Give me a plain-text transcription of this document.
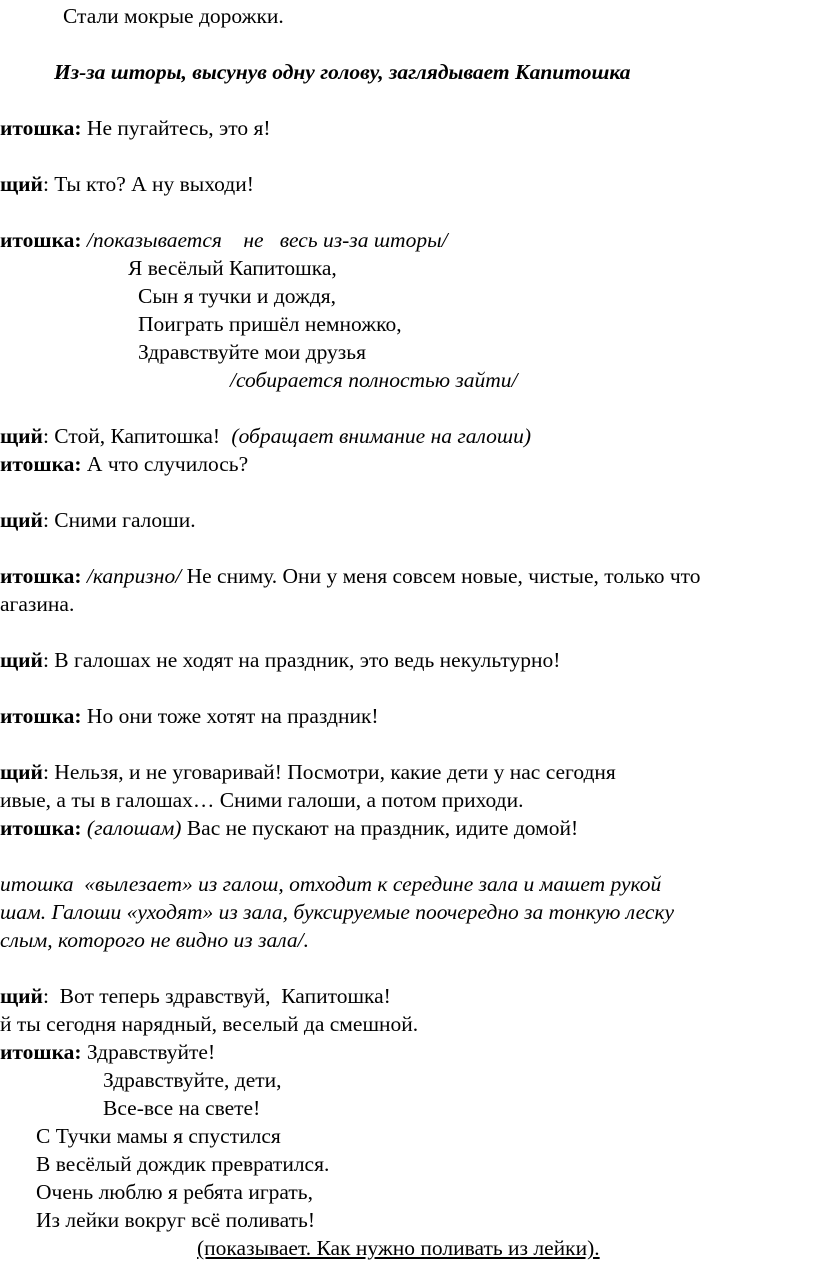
Стали мокрые дорожки.
Из-за шторы, высунув одну голову, заглядывает Капитошка
итошка: Не пугайтесь, это я!
щий: Ты кто? А ну выходи!
итошка: /показывается    не   весь из-за шторы/
Я весёлый Капитошка,
Сын я тучки и дождя,
Поиграть пришёл немножко,
Здравствуйте мои друзья
/собирается полностью зайти/
щий: Стой, Капитошка! (обращает внимание на галоши)
итошка: А что случилось?
щий: Сними галоши.
итошка: /капризно/ Не сниму. Они у меня совсем новые, чистые, только что
агазина.
щий: В галошах не ходят на праздник, это ведь некультурно!
итошка: Но они тоже хотят на праздник!
щий: Нельзя, и не уговаривай! Посмотри, какие дети у нас сегодня
ивые, а ты в галошах… Сними галоши, а потом приходи.
итошка: (галошам) Вас не пускают на праздник, идите домой!
итошка  «вылезает» из галош, отходит к середине зала и машет рукой
шам. Галоши «уходят» из зала, буксируемые поочередно за тонкую леску
слым, которого не видно из зала/.
щий:  Вот теперь здравствуй,  Капитошка!
й ты сегодня нарядный, веселый да смешной.
итошка: Здравствуйте!
Здравствуйте, дети,
Все-все на свете!
С Тучки мамы я спустился
В весёлый дождик превратился.
Очень люблю я ребята играть,
Из лейки вокруг всё поливать!
(показывает. Как нужно поливать из лейки).
